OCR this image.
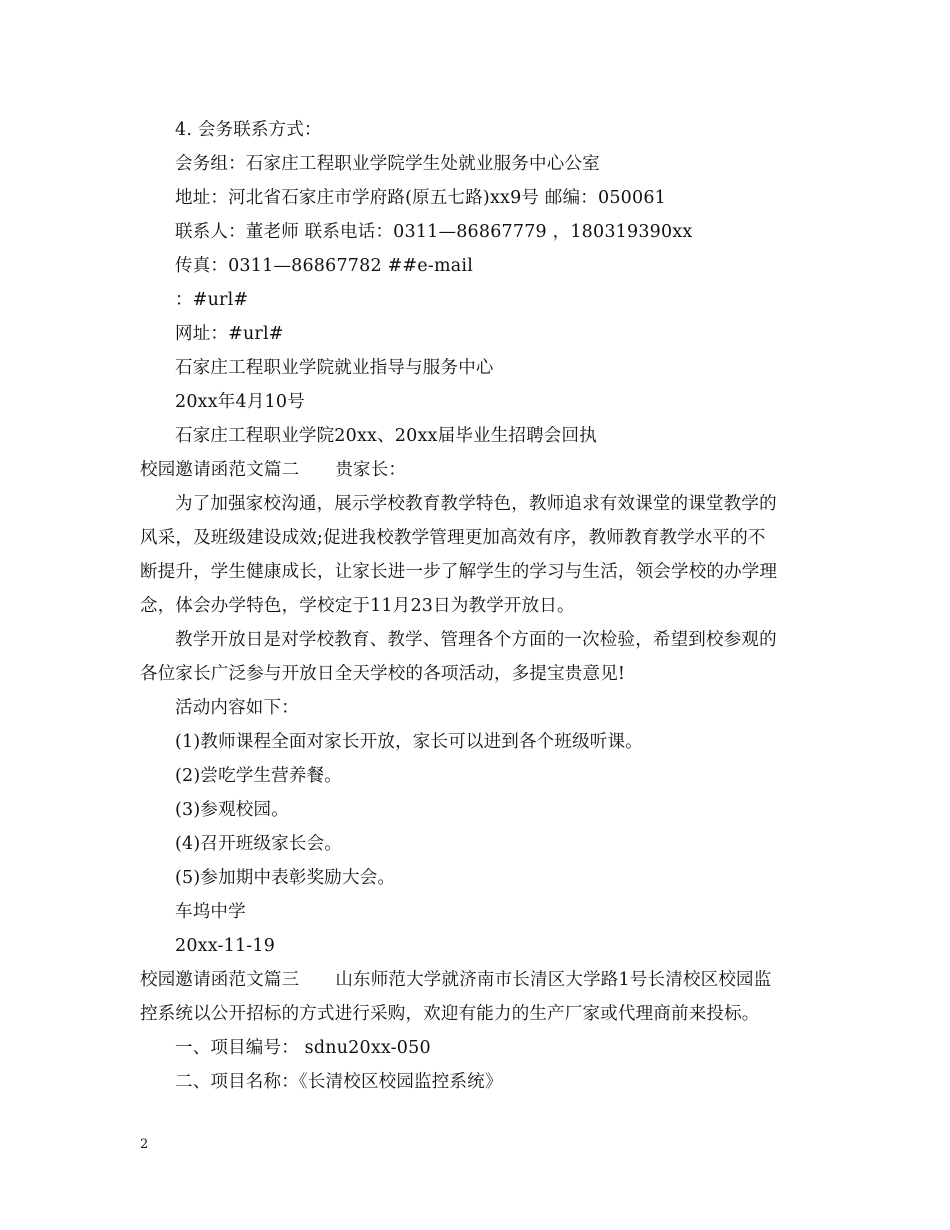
4. 会务联系方式：
会务组：石家庄工程职业学院学生处就业服务中心公室
地址：河北省石家庄市学府路(原五七路)xx9号 邮编：050061
联系人：董老师 联系电话：0311—86867779 ，180319390xx
传真：0311—86867782 ##e-mail
：#url#
网址：#url#
石家庄工程职业学院就业指导与服务中心
20xx年4月10号
石家庄工程职业学院20xx、20xx届毕业生招聘会回执
校园邀请函范文篇二 贵家长：
为了加强家校沟通，展示学校教育教学特色，教师追求有效课堂的课堂教学的
风采，及班级建设成效;促进我校教学管理更加高效有序，教师教育教学水平的不
断提升，学生健康成长，让家长进一步了解学生的学习与生活，领会学校的办学理
念，体会办学特色，学校定于11月23日为教学开放日。
教学开放日是对学校教育、教学、管理各个方面的一次检验，希望到校参观的
各位家长广泛参与开放日全天学校的各项活动，多提宝贵意见!
活动内容如下：
(1)教师课程全面对家长开放，家长可以进到各个班级听课。
(2)尝吃学生营养餐。
(3)参观校园。
(4)召开班级家长会。
(5)参加期中表彰奖励大会。
车坞中学
20xx-11-19
校园邀请函范文篇三 山东师范大学就济南市长清区大学路1号长清校区校园监
控系统以公开招标的方式进行采购，欢迎有能力的生产厂家或代理商前来投标。
一、项目编号： sdnu20xx-050
二、项目名称：《长清校区校园监控系统》
2
